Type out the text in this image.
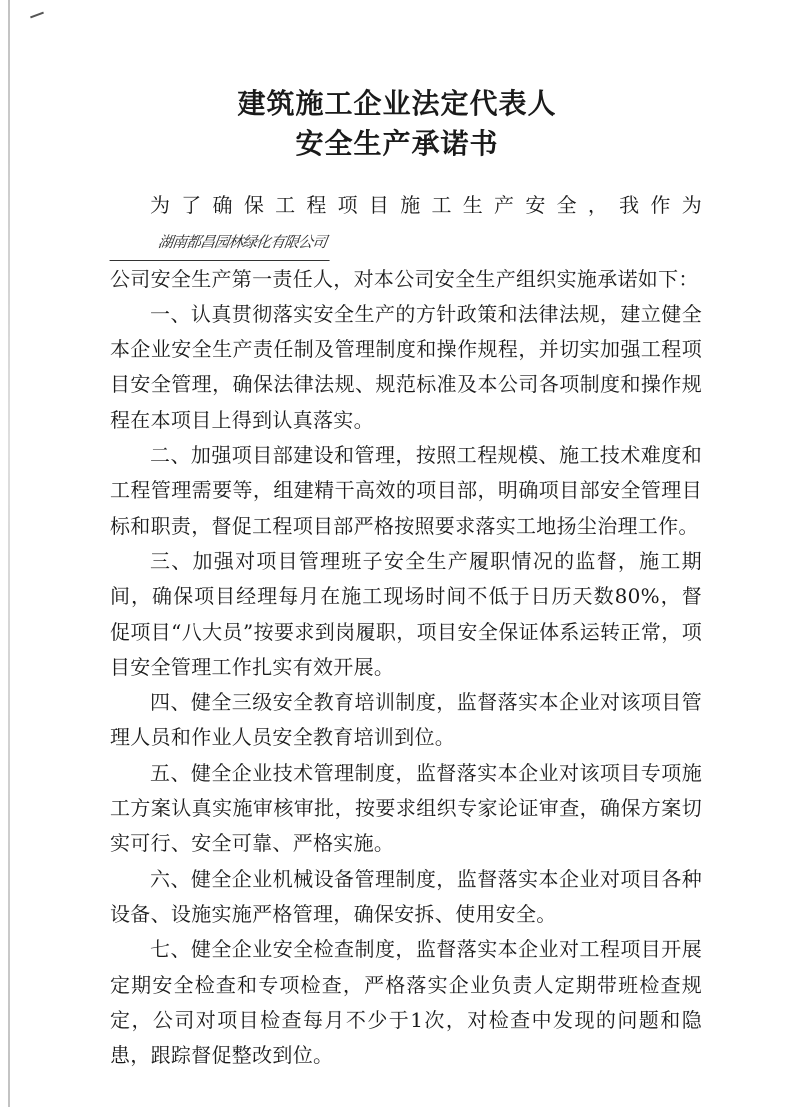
建筑施工企业法定代表人
安全生产承诺书

为了确保工程项目施工生产安全，我作为湖南都昌园林绿化有限公司

公司安全生产第一责任人，对本公司安全生产组织实施承诺如下：

一、认真贯彻落实安全生产的方针政策和法律法规，建立健全本企业安全生产责任制及管理制度和操作规程，并切实加强工程项目安全管理，确保法律法规、规范标准及本公司各项制度和操作规程在本项目上得到认真落实。

二、加强项目部建设和管理，按照工程规模、施工技术难度和工程管理需要等，组建精干高效的项目部，明确项目部安全管理目标和职责，督促工程项目部严格按照要求落实工地扬尘治理工作。

三、加强对项目管理班子安全生产履职情况的监督，施工期间，确保项目经理每月在施工现场时间不低于日历天数80%，督促项目“八大员”按要求到岗履职，项目安全保证体系运转正常，项目安全管理工作扎实有效开展。

四、健全三级安全教育培训制度，监督落实本企业对该项目管理人员和作业人员安全教育培训到位。

五、健全企业技术管理制度，监督落实本企业对该项目专项施工方案认真实施审核审批，按要求组织专家论证审查，确保方案切实可行、安全可靠、严格实施。

六、健全企业机械设备管理制度，监督落实本企业对项目各种设备、设施实施严格管理，确保安拆、使用安全。

七、健全企业安全检查制度，监督落实本企业对工程项目开展定期安全检查和专项检查，严格落实企业负责人定期带班检查规定，公司对项目检查每月不少于1次，对检查中发现的问题和隐患，跟踪督促整改到位。
